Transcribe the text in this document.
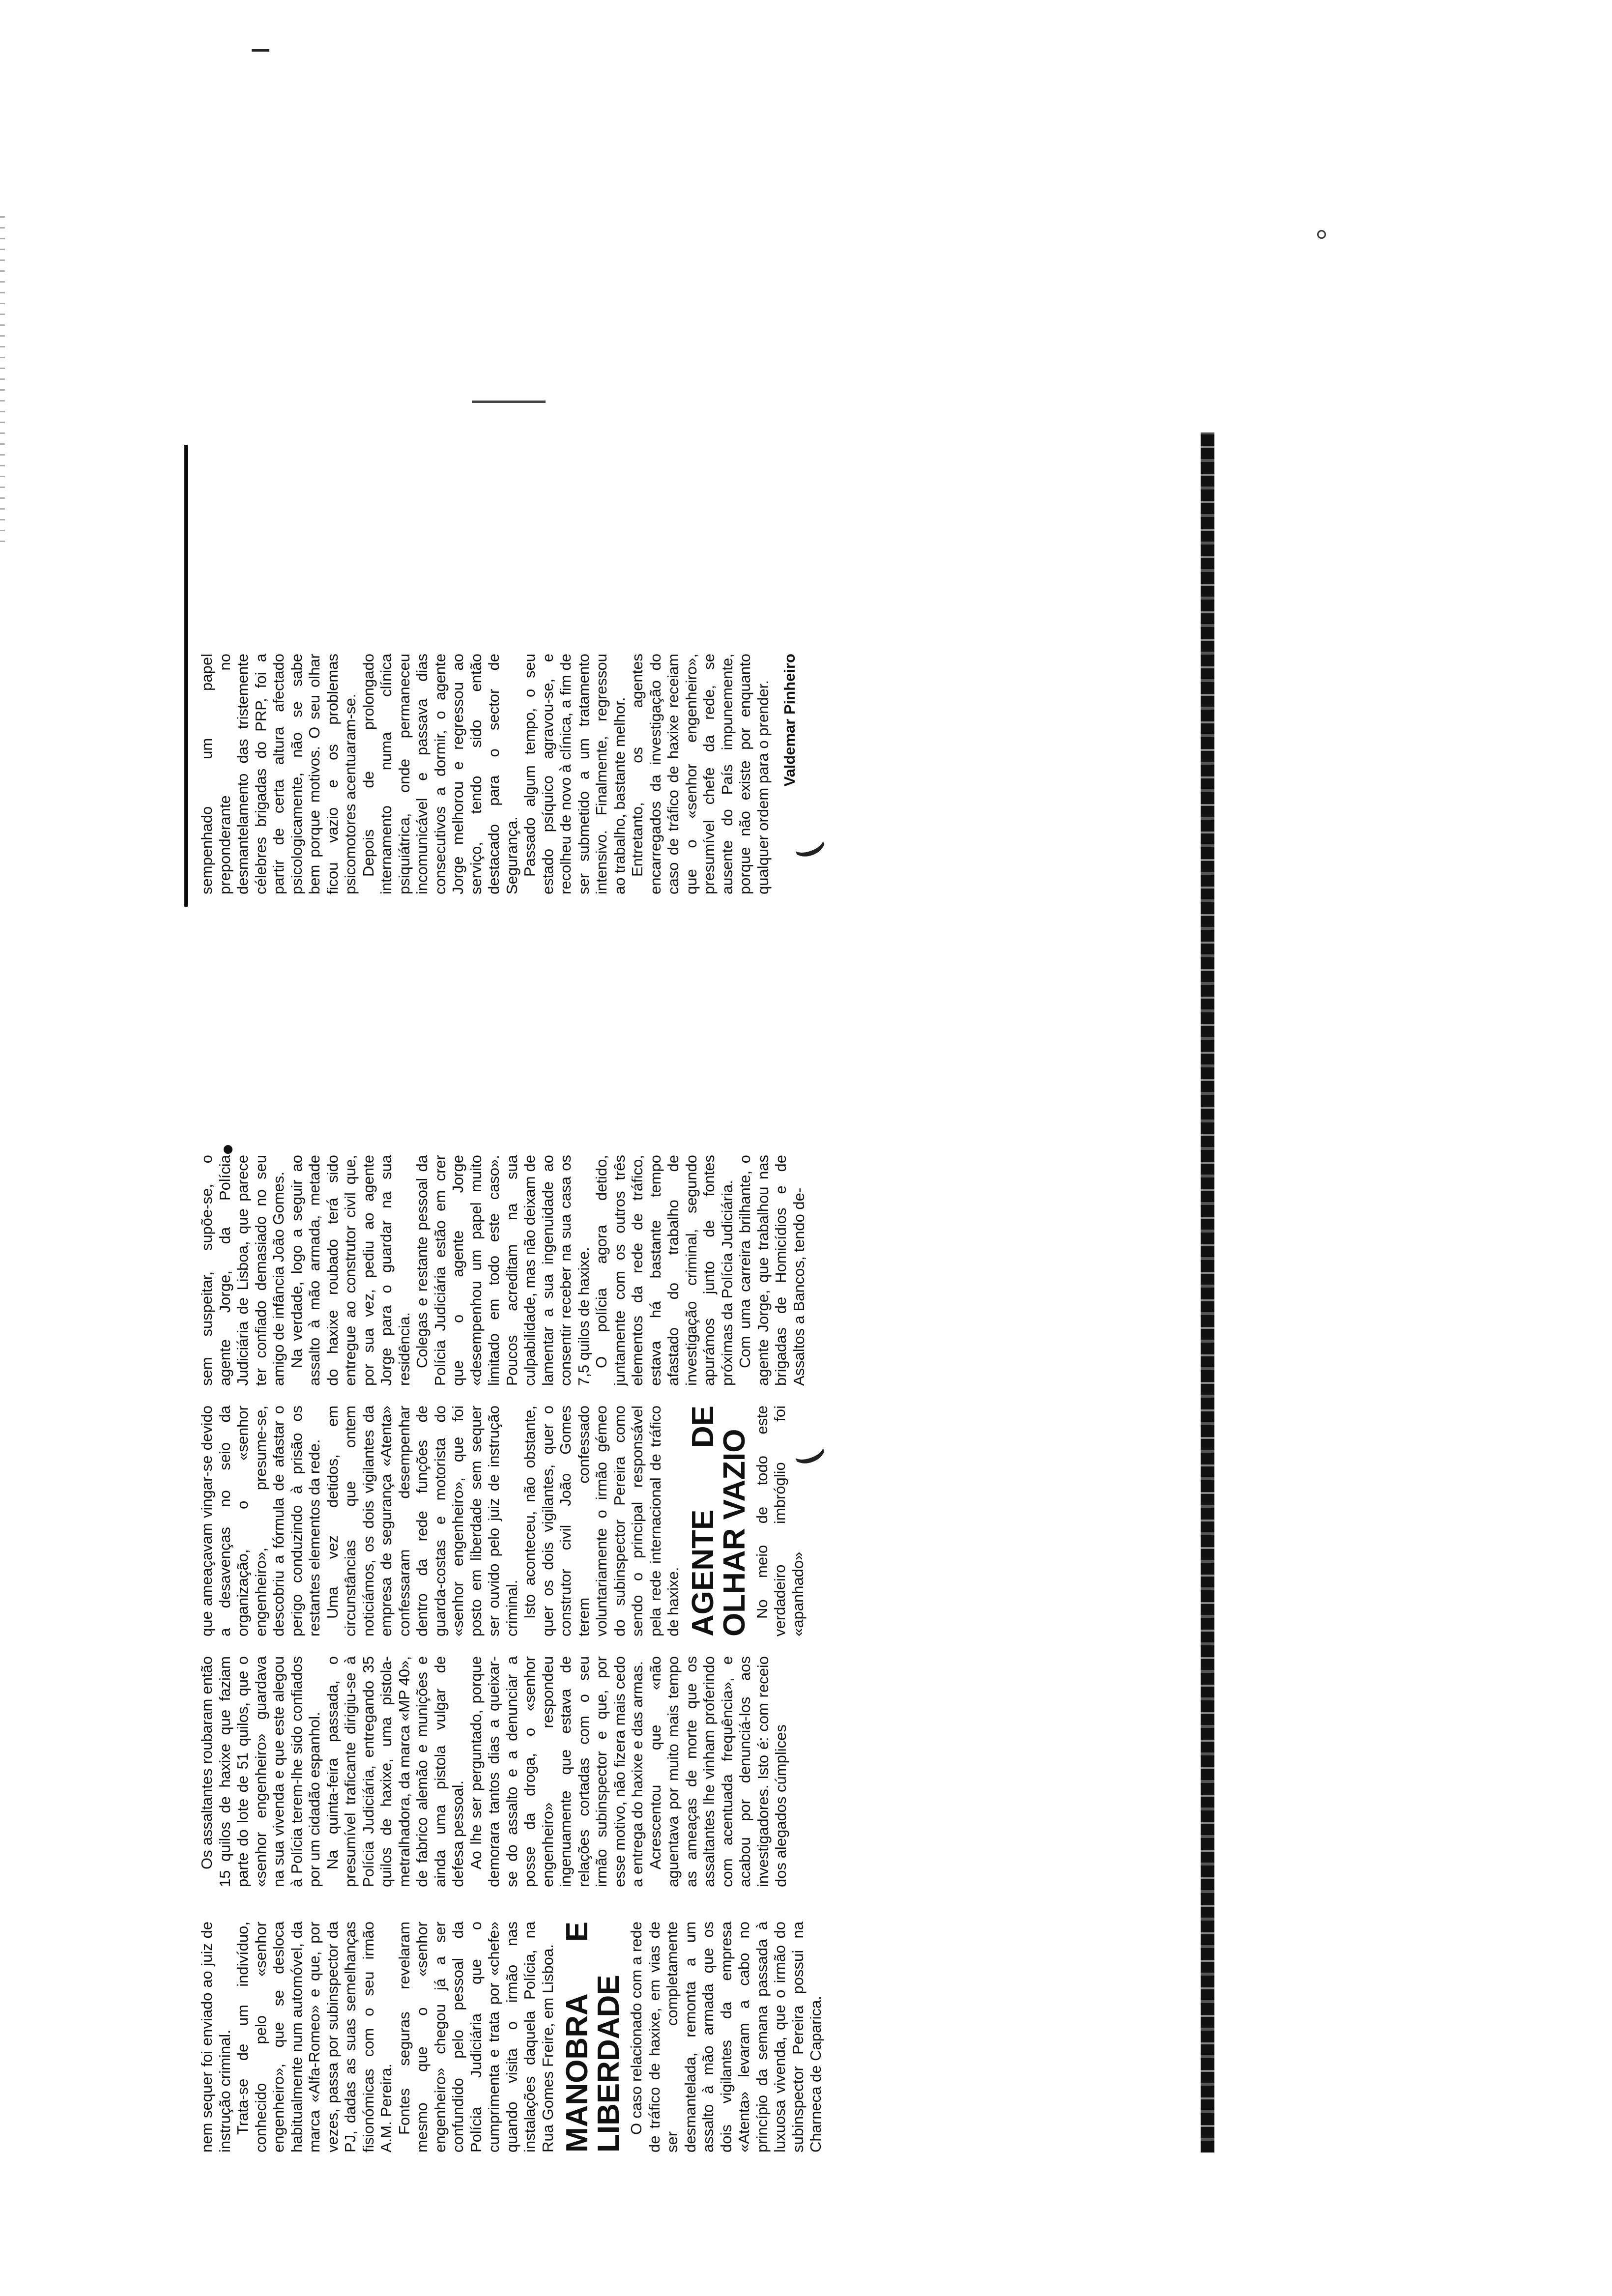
⌣
⌣

nem sequer foi enviado ao juiz de instrução criminal. Trata-se de um indivíduo, conhecido pelo «senhor engenheiro», que se desloca habitualmente num automóvel, da marca «Alfa-Romeo» e que, por vezes, passa por subinspector da PJ, dadas as suas semelhanças fisionómicas com o seu irmão A.M. Pereira. Fontes seguras revelaram mesmo que o «senhor engenheiro» chegou já a ser confundido pelo pessoal da Polícia Judiciária que o cumprimenta e trata por «chefe» quando visita o irmão nas instalações daquela Polícia, na Rua Gomes Freire, em Lisboa. MANOBRA E LIBERDADE O caso relacionado com a rede de tráfico de haxixe, em vias de ser completamente desmantelada, remonta a um assalto à mão armada que os dois vigilantes da empresa «Atenta» levaram a cabo no princípio da semana passada à luxuosa vivenda, que o irmão do subinspector Pereira possui na Charneca de Caparica.

Os assaltantes roubaram então 15 quilos de haxixe que faziam parte do lote de 51 quilos, que o «senhor engenheiro» guardava na sua vivenda e que este alegou à Polícia terem-lhe sido confiados por um cidadão espanhol. Na quinta-feira passada, o presumível traficante dirigiu-se à Polícia Judiciária, entregando 35 quilos de haxixe, uma pistola-metralhadora, da marca «MP 40», de fabrico alemão e munições e ainda uma pistola vulgar de defesa pessoal. Ao lhe ser perguntado, porque demorara tantos dias a queixar-se do assalto e a denunciar a posse da droga, o «senhor engenheiro» respondeu ingenuamente que estava de relações cortadas com o seu irmão subinspector e que, por esse motivo, não fizera mais cedo a entrega do haxixe e das armas. Acrescentou que «não aguentava por muito mais tempo as ameaças de morte que os assaltantes lhe vinham proferindo com acentuada frequência», e acabou por denunciá-los aos investigadores. Isto é: com receio dos alegados cúmplices

que ameaçavam vingar-se devido a desavenças no seio da organização, o «senhor engenheiro», presume-se, descobriu a fórmula de afastar o perigo conduzindo à prisão os restantes elementos da rede. Uma vez detidos, em circunstâncias que ontem noticiámos, os dois vigilantes da empresa de segurança «Atenta» confessaram desempenhar dentro da rede funções de guarda-costas e motorista do «senhor engenheiro», que foi posto em liberdade sem sequer ser ouvido pelo juiz de instrução criminal. Isto aconteceu, não obstante, quer os dois vigilantes, quer o construtor civil João Gomes terem confessado voluntariamente o irmão gémeo do subinspector Pereira como sendo o principal responsável pela rede internacional de tráfico de haxixe. AGENTE DE OLHAR VAZIO No meio de todo este verdadeiro imbróglio foi «apanhado»

sem suspeitar, supõe-se, o agente Jorge, da Polícia Judiciária de Lisboa, que parece ter confiado demasiado no seu amigo de infância João Gomes. Na verdade, logo a seguir ao assalto à mão armada, metade do haxixe roubado terá sido entregue ao construtor civil que, por sua vez, pediu ao agente Jorge para o guardar na sua residência. Colegas e restante pessoal da Polícia Judiciária estão em crer que o agente Jorge «desempenhou um papel muito limitado em todo este caso». Poucos acreditam na sua culpabilidade, mas não deixam de lamentar a sua ingenuidade ao consentir receber na sua casa os 7,5 quilos de haxixe. O polícia agora detido, juntamente com os outros três elementos da rede de tráfico, estava há bastante tempo afastado do trabalho de investigação criminal, segundo apurámos junto de fontes próximas da Polícia Judiciária. Com uma carreira brilhante, o agente Jorge, que trabalhou nas brigadas de Homicídios e de Assaltos a Bancos, tendo de-

sempenhado um papel preponderante no desmantelamento das tristemente célebres brigadas do PRP, foi a partir de certa altura afectado psicologicamente, não se sabe bem porque motivos. O seu olhar ficou vazio e os problemas psicomotores acentuaram-se. Depois de prolongado internamento numa clínica psiquiátrica, onde permaneceu incomunicável e passava dias consecutivos a dormir, o agente Jorge melhorou e regressou ao serviço, tendo sido então destacado para o sector de Segurança. Passado algum tempo, o seu estado psíquico agravou-se, e recolheu de novo à clínica, a fim de ser submetido a um tratamento intensivo. Finalmente, regressou ao trabalho, bastante melhor. Entretanto, os agentes encarregados da investigação do caso de tráfico de haxixe receiam que o «senhor engenheiro», presumível chefe da rede, se ausente do País impunemente, porque não existe por enquanto qualquer ordem para o prender. Valdemar Pinheiro
